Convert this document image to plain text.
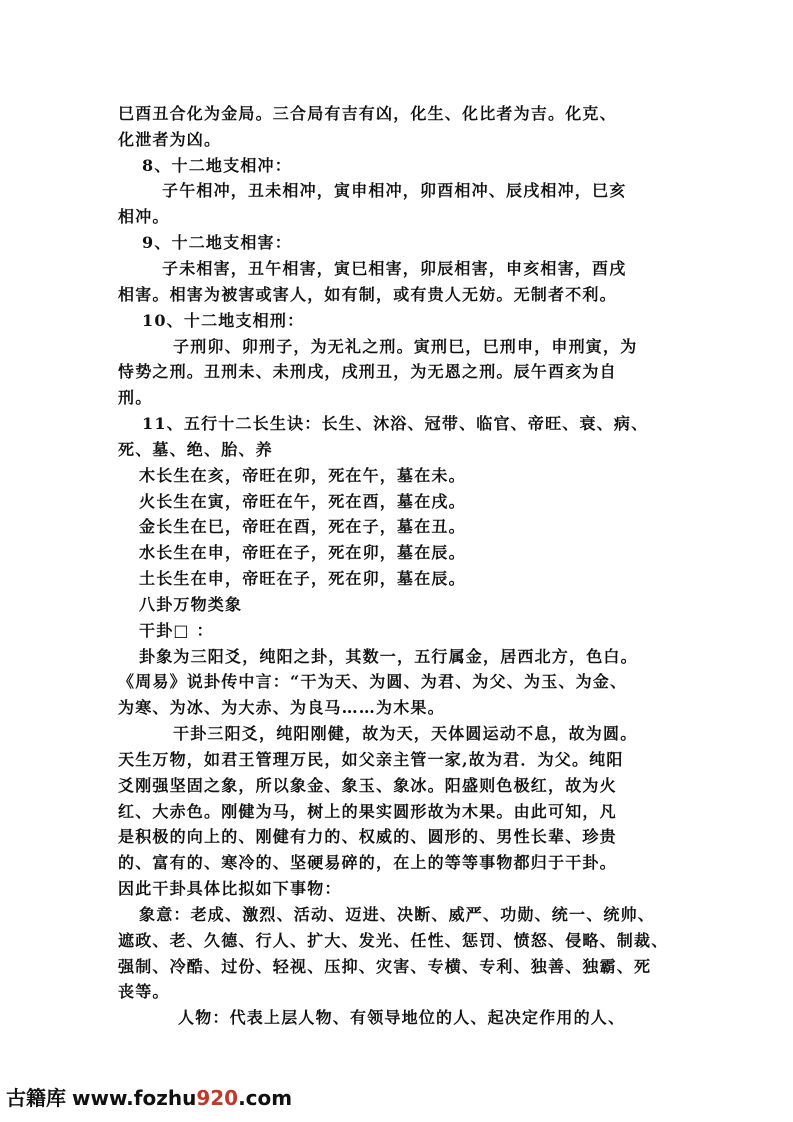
巳酉丑合化为金局。三合局有吉有凶，化生、化比者为吉。化克、
化泄者为凶。
8、十二地支相冲：
子午相冲，丑未相冲，寅申相冲，卯酉相冲、辰戌相冲，巳亥
相冲。
9、十二地支相害：
子未相害，丑午相害，寅巳相害，卯辰相害，申亥相害，酉戌
相害。相害为被害或害人，如有制，或有贵人无妨。无制者不利。
10、十二地支相刑：
子刑卯、卯刑子，为无礼之刑。寅刑巳，巳刑申，申刑寅，为
恃势之刑。丑刑未、未刑戌，戌刑丑，为无恩之刑。辰午酉亥为自
刑。
11、五行十二长生诀：长生、沐浴、冠带、临官、帝旺、衰、病、
死、墓、绝、胎、养
木长生在亥，帝旺在卯，死在午，墓在未。
火长生在寅，帝旺在午，死在酉，墓在戌。
金长生在巳，帝旺在酉，死在子，墓在丑。
水长生在申，帝旺在子，死在卯，墓在辰。
土长生在申，帝旺在子，死在卯，墓在辰。
八卦万物类象
干卦□ ：
卦象为三阳爻，纯阳之卦，其数一，五行属金，居西北方，色白。
《周易》说卦传中言：“干为天、为圆、为君、为父、为玉、为金、
为寒、为冰、为大赤、为良马……为木果。
干卦三阳爻，纯阳刚健，故为天，天体圆运动不息，故为圆。
天生万物，如君王管理万民，如父亲主管一家,故为君．为父。纯阳
爻刚强坚固之象，所以象金、象玉、象冰。阳盛则色极红，故为火
红、大赤色。刚健为马，树上的果实圆形故为木果。由此可知，凡
是积极的向上的、刚健有力的、权威的、圆形的、男性长辈、珍贵
的、富有的、寒冷的、坚硬易碎的，在上的等等事物都归于干卦。
因此干卦具体比拟如下事物：
象意：老成、激烈、活动、迈进、决断、威严、功勋、统一、统帅、
遮政、老、久德、行人、扩大、发光、任性、惩罚、愤怒、侵略、制裁、
强制、冷酷、过份、轻视、压抑、灾害、专横、专利、独善、独霸、死
丧等。
人物：代表上层人物、有领导地位的人、起决定作用的人、
古籍库 www.fozhu920.com
